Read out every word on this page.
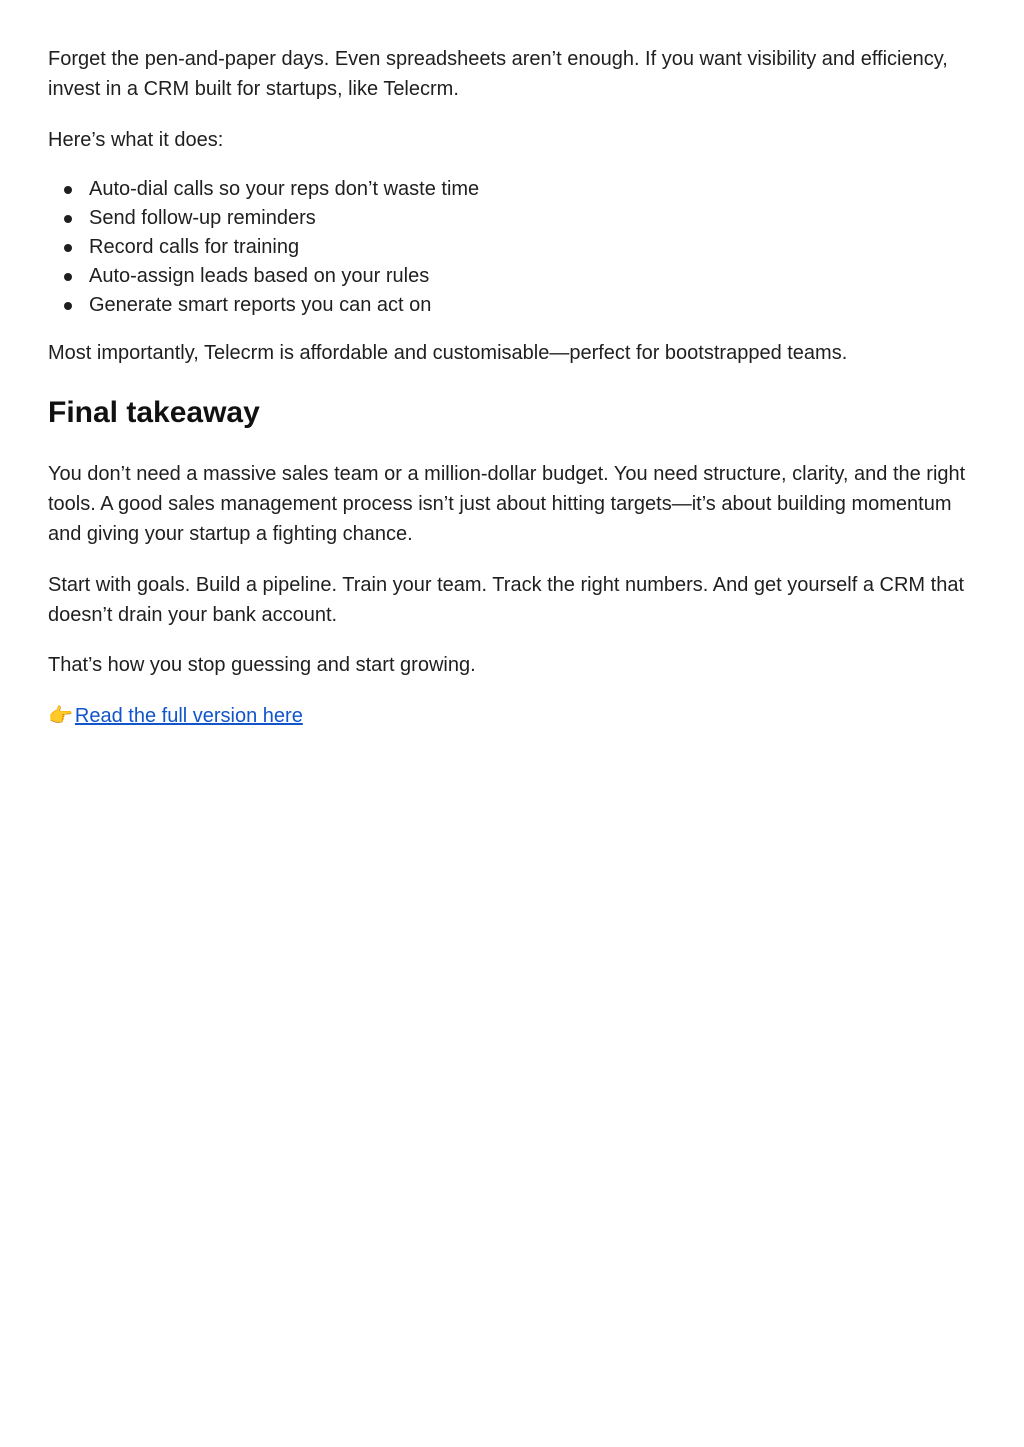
Forget the pen-and-paper days. Even spreadsheets aren’t enough. If you want visibility and efficiency, invest in a CRM built for startups, like Telecrm.

Here’s what it does:

Auto-dial calls so your reps don’t waste time
Send follow-up reminders
Record calls for training
Auto-assign leads based on your rules
Generate smart reports you can act on

Most importantly, Telecrm is affordable and customisable—perfect for bootstrapped teams.

Final takeaway

You don’t need a massive sales team or a million-dollar budget. You need structure, clarity, and the right tools. A good sales management process isn’t just about hitting targets—it’s about building momentum and giving your startup a fighting chance.

Start with goals. Build a pipeline. Train your team. Track the right numbers. And get yourself a CRM that doesn’t drain your bank account.

That’s how you stop guessing and start growing.

👉 Read the full version here
